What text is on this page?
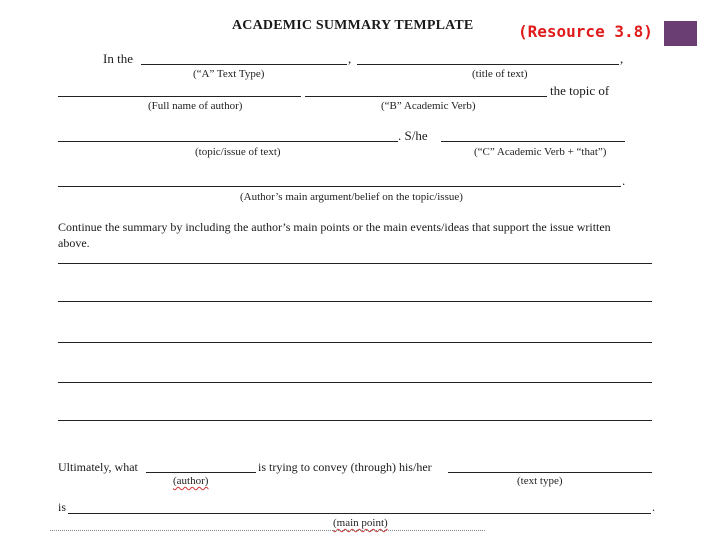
ACADEMIC SUMMARY TEMPLATE	(Resource 3.8)
In the	,	,
(“A” Text Type)	(title of text)
the topic of
(Full name of author)	(“B” Academic Verb)
. S/he
(topic/issue of text)	(“C” Academic Verb + “that”)
.
(Author’s main argument/belief on the topic/issue)
Continue the summary by including the author’s main points or the main events/ideas that support the issue written
above.
Ultimately, what	is trying to convey (through) his/her
(author)	(text type)
is	.
(main point)
